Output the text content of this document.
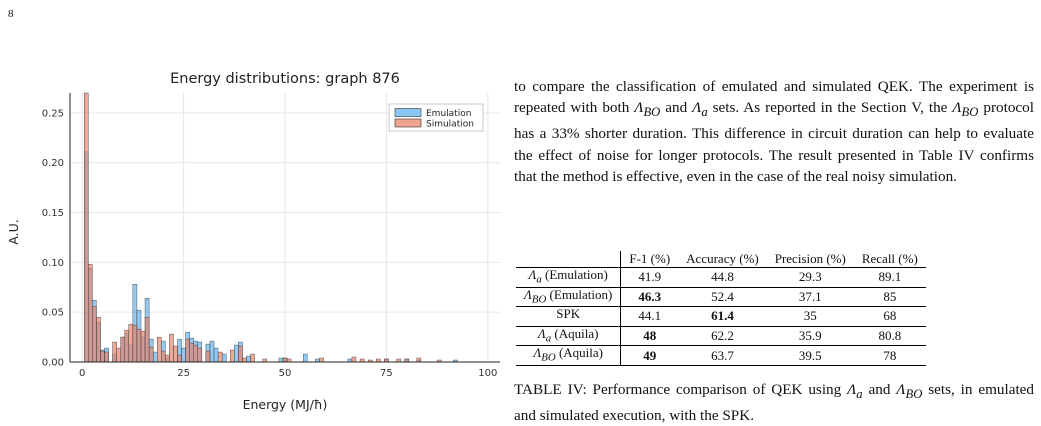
8
0	25	50	75	100
0.00
0.05
0.10
0.15
0.20
0.25
Energy distributions: graph 876
Energy (MJ/ħ)
A.U.
Emulation
Simulation
to compare the classification of emulated and simulated QEK. The experiment is repeated with both $\Lambda_{BO}$ and $\Lambda_a$ sets. As reported in the Section V, the $\Lambda_{BO}$ protocol has a 33% shorter duration. This difference in circuit duration can help to evaluate the effect of noise for longer protocols. The result presented in Table IV confirms that the method is effective, even in the case of the real noisy simulation.
	F-1 (%)	Accuracy (%)	Precision (%)	Recall (%)
$\Lambda_a$ (Emulation)	41.9	44.8	29.3	89.1
$\Lambda_{BO}$ (Emulation)	46.3	52.4	37.1	85
SPK	44.1	61.4	35	68
$\Lambda_a$ (Aquila)	48	62.2	35.9	80.8
$\Lambda_{BO}$ (Aquila)	49	63.7	39.5	78
TABLE IV: Performance comparison of QEK using $\Lambda_a$ and $\Lambda_{BO}$ sets, in emulated and simulated execution, with the SPK.
